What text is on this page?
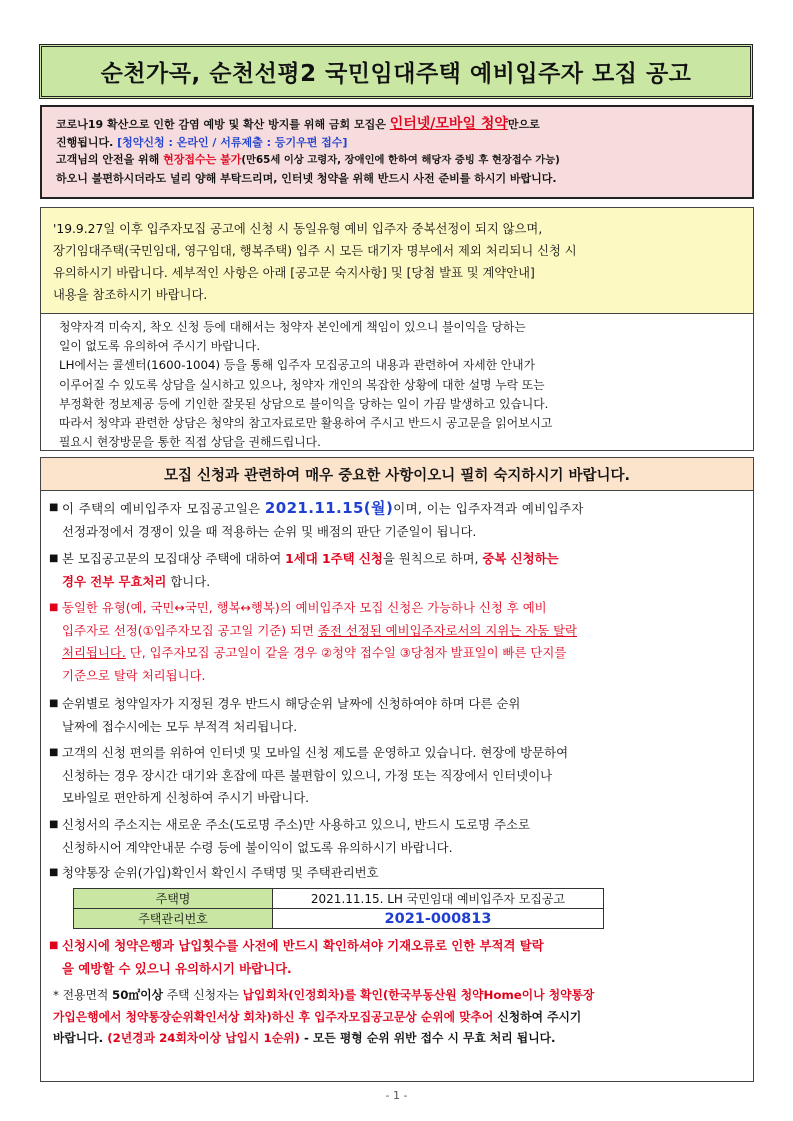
순천가곡, 순천선평2 국민임대주택 예비입주자 모집 공고
코로나19 확산으로 인한 감염 예방 및 확산 방지를 위해 금회 모집은 인터넷/모바일 청약만으로
진행됩니다. [청약신청 : 온라인 / 서류제출 : 등기우편 접수]
고객님의 안전을 위해 현장접수는 불가(만65세 이상 고령자, 장애인에 한하여 해당자 증빙 후 현장접수 가능)
하오니 불편하시더라도 널리 양해 부탁드리며, 인터넷 청약을 위해 반드시 사전 준비를 하시기 바랍니다.
'19.9.27일 이후 입주자모집 공고에 신청 시 동일유형 예비 입주자 중복선정이 되지 않으며,
장기임대주택(국민임대, 영구임대, 행복주택) 입주 시 모든 대기자 명부에서 제외 처리되니 신청 시
유의하시기 바랍니다. 세부적인 사항은 아래 [공고문 숙지사항] 및 [당첨 발표 및 계약안내]
내용을 참조하시기 바랍니다.
청약자격 미숙지, 착오 신청 등에 대해서는 청약자 본인에게 책임이 있으니 불이익을 당하는
일이 없도록 유의하여 주시기 바랍니다.
LH에서는 콜센터(1600-1004) 등을 통해 입주자 모집공고의 내용과 관련하여 자세한 안내가
이루어질 수 있도록 상담을 실시하고 있으나, 청약자 개인의 복잡한 상황에 대한 설명 누락 또는
부정확한 정보제공 등에 기인한 잘못된 상담으로 불이익을 당하는 일이 가끔 발생하고 있습니다.
따라서 청약과 관련한 상담은 청약의 참고자료로만 활용하여 주시고 반드시 공고문을 읽어보시고
필요시 현장방문을 통한 직접 상담을 권해드립니다.
모집 신청과 관련하여 매우 중요한 사항이오니 필히 숙지하시기 바랍니다.
■ 이 주택의 예비입주자 모집공고일은 2021.11.15(월)이며, 이는 입주자격과 예비입주자
선정과정에서 경쟁이 있을 때 적용하는 순위 및 배점의 판단 기준일이 됩니다.
■ 본 모집공고문의 모집대상 주택에 대하여 1세대 1주택 신청을 원칙으로 하며, 중복 신청하는
경우 전부 무효처리 합니다.
■ 동일한 유형(예, 국민↔국민, 행복↔행복)의 예비입주자 모집 신청은 가능하나 신청 후 예비
입주자로 선정(①입주자모집 공고일 기준) 되면 종전 선정된 예비입주자로서의 지위는 자동 탈락
처리됩니다. 단, 입주자모집 공고일이 같을 경우 ②청약 접수일 ③당첨자 발표일이 빠른 단지를
기준으로 탈락 처리됩니다.
■ 순위별로 청약일자가 지정된 경우 반드시 해당순위 날짜에 신청하여야 하며 다른 순위
날짜에 접수시에는 모두 부적격 처리됩니다.
■ 고객의 신청 편의를 위하여 인터넷 및 모바일 신청 제도를 운영하고 있습니다. 현장에 방문하여
신청하는 경우 장시간 대기와 혼잡에 따른 불편함이 있으니, 가정 또는 직장에서 인터넷이나
모바일로 편안하게 신청하여 주시기 바랍니다.
■ 신청서의 주소지는 새로운 주소(도로명 주소)만 사용하고 있으니, 반드시 도로명 주소로
신청하시어 계약안내문 수령 등에 불이익이 없도록 유의하시기 바랍니다.
■ 청약통장 순위(가입)확인서 확인시 주택명 및 주택관리번호
주택명	2021.11.15. LH 국민임대 예비입주자 모집공고
주택관리번호	2021-000813
■ 신청시에 청약은행과 납입횟수를 사전에 반드시 확인하셔야 기재오류로 인한 부적격 탈락
을 예방할 수 있으니 유의하시기 바랍니다.
* 전용면적 50㎡이상 주택 신청자는 납입회차(인정회차)를 확인(한국부동산원 청약Home이나 청약통장
가입은행에서 청약통장순위확인서상 회차)하신 후 입주자모집공고문상 순위에 맞추어 신청하여 주시기
바랍니다. (2년경과 24회차이상 납입시 1순위) - 모든 평형 순위 위반 접수 시 무효 처리 됩니다.
- 1 -
